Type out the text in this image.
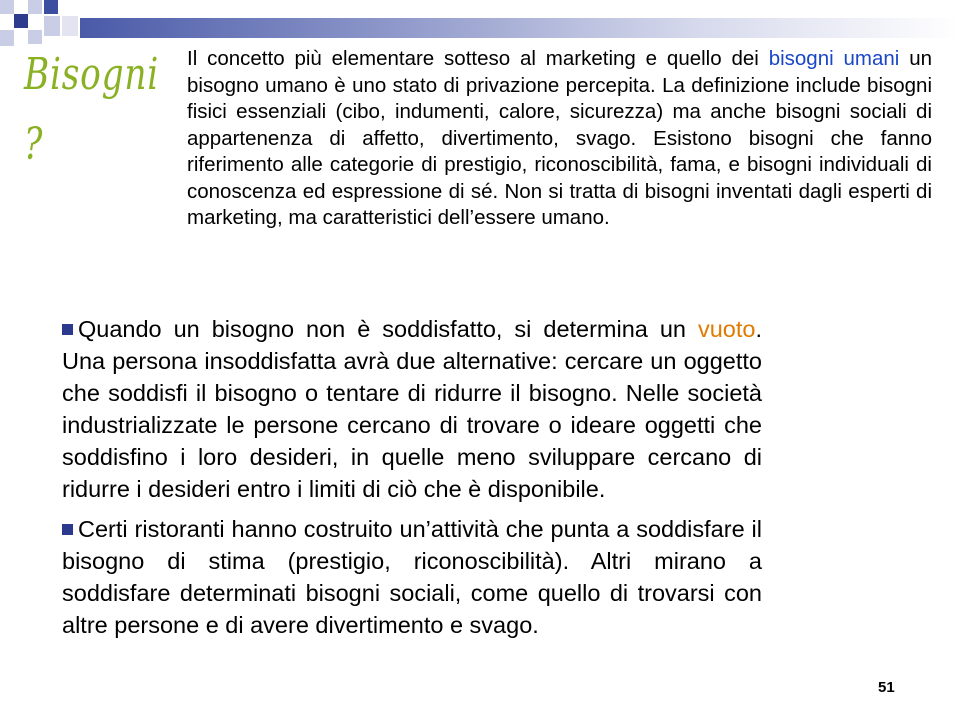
Bisogni
?
Il concetto più elementare sotteso al marketing e quello dei bisogni umani un bisogno umano è uno stato di privazione percepita. La definizione include bisogni fisici essenziali (cibo, indumenti, calore, sicurezza) ma anche bisogni sociali di appartenenza di affetto, divertimento, svago. Esistono bisogni che fanno riferimento alle categorie di prestigio, riconoscibilità, fama, e bisogni individuali di conoscenza ed espressione di sé. Non si tratta di bisogni inventati dagli esperti di marketing, ma caratteristici dell’essere umano.
Quando un bisogno non è soddisfatto, si determina un vuoto. Una persona insoddisfatta avrà due alternative: cercare un oggetto che soddisfi il bisogno o tentare di ridurre il bisogno. Nelle società industrializzate le persone cercano di trovare o ideare oggetti che soddisfino i loro desideri, in quelle meno sviluppare cercano di ridurre i desideri entro i limiti di ciò che è disponibile.
Certi ristoranti hanno costruito un’attività che punta a soddisfare il bisogno di stima (prestigio, riconoscibilità). Altri mirano a soddisfare determinati bisogni sociali, come quello di trovarsi con altre persone e di avere divertimento e svago.
51
